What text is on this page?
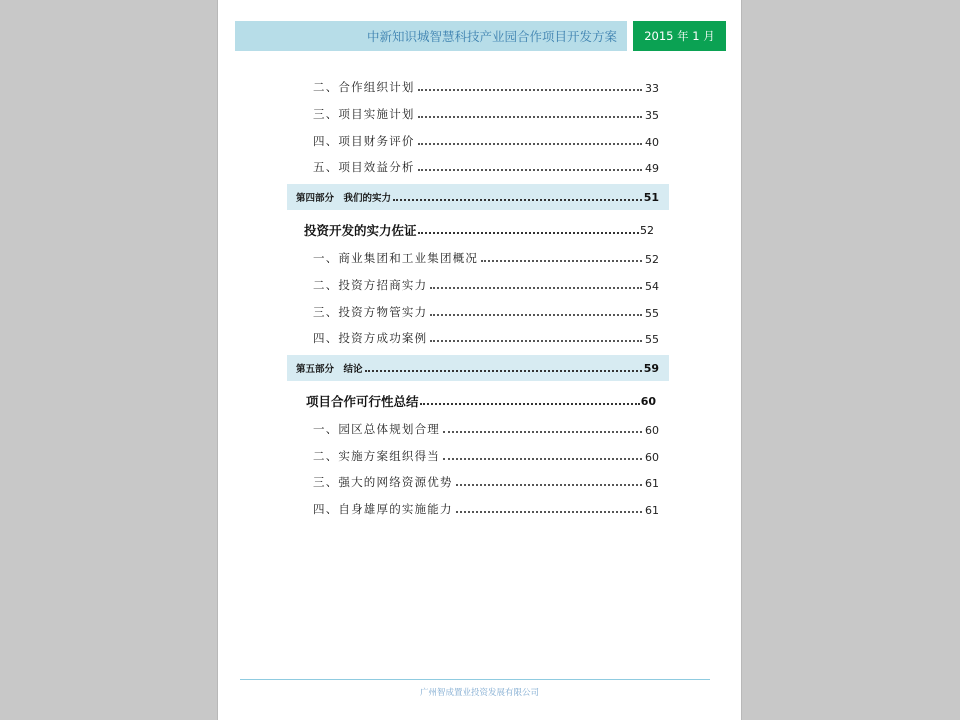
中新知识城智慧科技产业园合作项目开发方案 2015 年 1 月
二、合作组织计划	33
三、项目实施计划	35
四、项目财务评价	40
五、项目效益分析	49
第四部分　我们的实力	51
投资开发的实力佐证	52
一、商业集团和工业集团概况	52
二、投资方招商实力	54
三、投资方物管实力	55
四、投资方成功案例	55
第五部分　结论	59
项目合作可行性总结	60
一、园区总体规划合理	60
二、实施方案组织得当	60
三、强大的网络资源优势	61
四、自身雄厚的实施能力	61
广州智成置业投资发展有限公司
